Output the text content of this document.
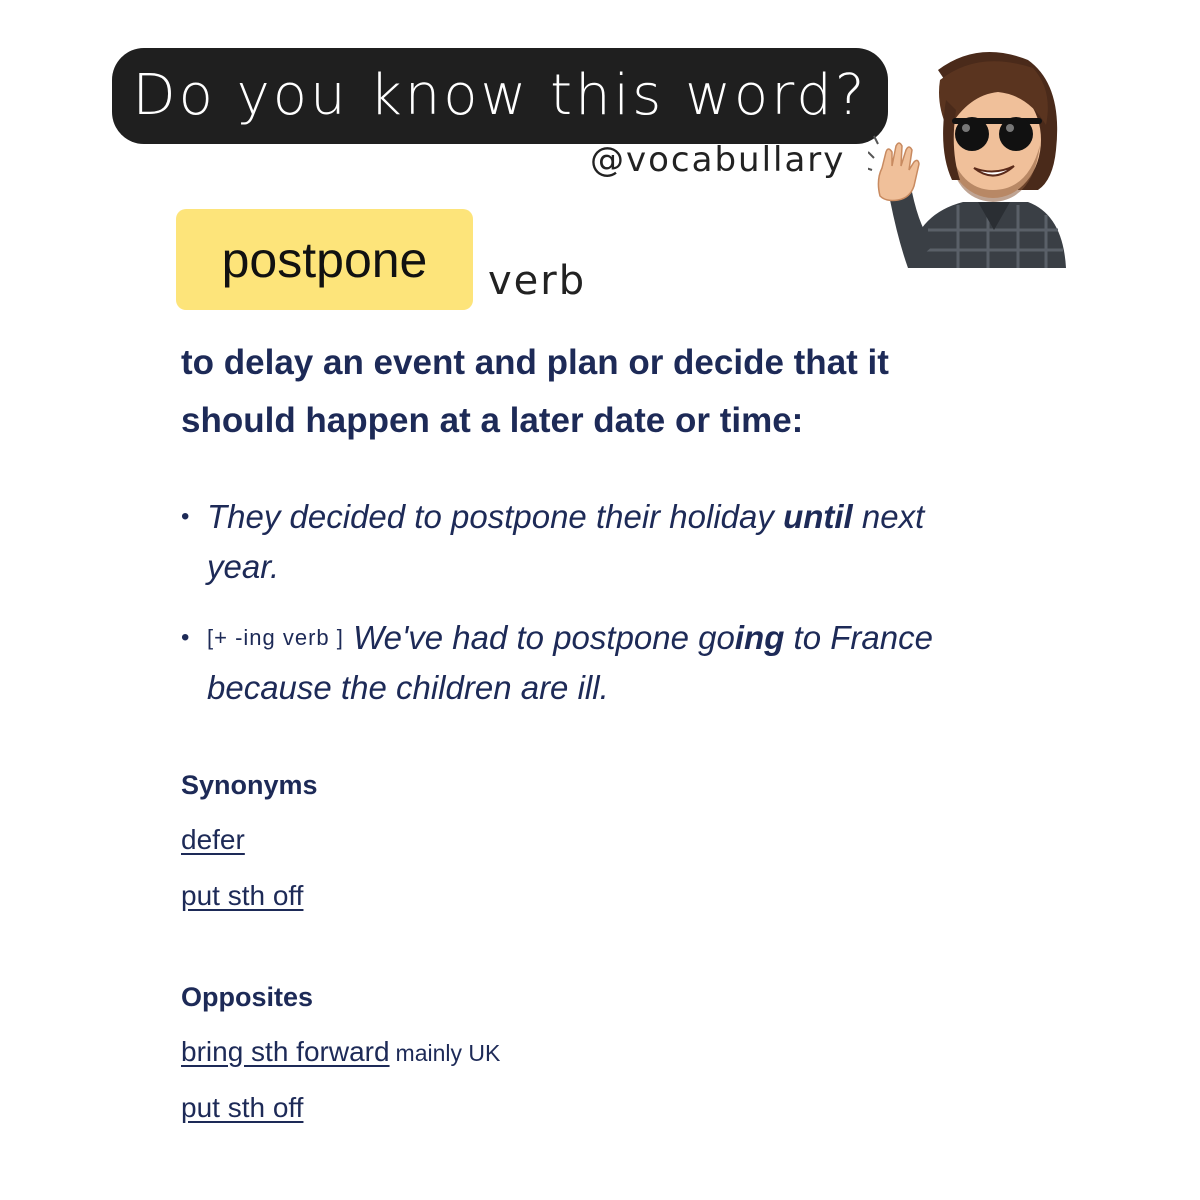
Do you know this word?
@vocabullary
postpone verb
to delay an event and plan or decide that it should happen at a later date or time:
• They decided to postpone their holiday until next year.
• [+ -ing verb ] We've had to postpone going to France because the children are ill.
Synonyms
defer
put sth off
Opposites
bring sth forward mainly UK
put sth off
